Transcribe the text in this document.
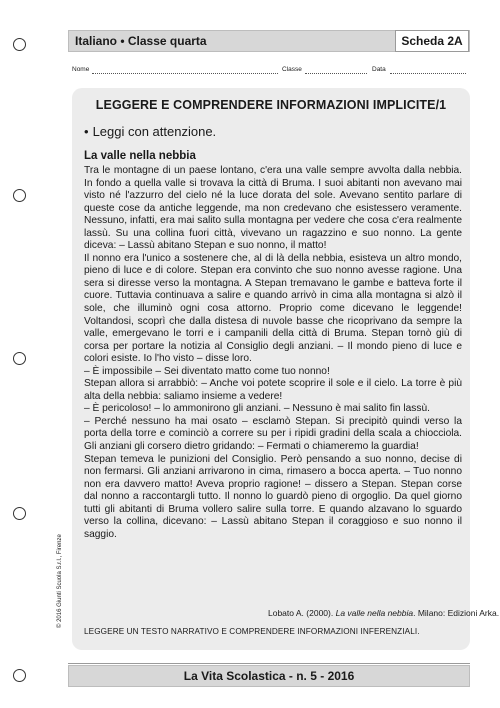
Italiano • Classe quarta	Scheda 2A
Nome	Classe	Data
LEGGERE E COMPRENDERE INFORMAZIONI IMPLICITE/1
• Leggi con attenzione.
La valle nella nebbia

Tra le montagne di un paese lontano, c'era una valle sempre avvolta dalla nebbia. In fondo a quella valle si trovava la città di Bruma. I suoi abitanti non avevano mai visto né l'azzurro del cielo né la luce dorata del sole. Avevano sentito parlare di queste cose da antiche leggende, ma non credevano che esistessero veramente. Nessuno, infatti, era mai salito sulla montagna per vedere che cosa c'era realmente lassù. Su una collina fuori città, vivevano un ragazzino e suo nonno. La gente diceva: – Lassù abitano Stepan e suo nonno, il matto!

Il nonno era l'unico a sostenere che, al di là della nebbia, esisteva un altro mondo, pieno di luce e di colore. Stepan era convinto che suo nonno avesse ragione. Una sera si diresse verso la montagna. A Stepan tremavano le gambe e batteva forte il cuore. Tuttavia continuava a salire e quando arrivò in cima alla montagna si alzò il sole, che illuminò ogni cosa attorno. Proprio come dicevano le leggende! Voltandosi, scoprì che dalla distesa di nuvole basse che ricoprivano da sempre la valle, emergevano le torri e i campanili della città di Bruma. Stepan tornò giù di corsa per portare la notizia al Consiglio degli anziani. – Il mondo pieno di luce e colori esiste. Io l'ho visto – disse loro.

– È impossibile – Sei diventato matto come tuo nonno!

Stepan allora si arrabbiò: – Anche voi potete scoprire il sole e il cielo. La torre è più alta della nebbia: saliamo insieme a vedere!

– È pericoloso! – lo ammonirono gli anziani. – Nessuno è mai salito fin lassù.

– Perché nessuno ha mai osato – esclamò Stepan. Si precipitò quindi verso la porta della torre e cominciò a correre su per i ripidi gradini della scala a chiocciola. Gli anziani gli corsero dietro gridando: – Fermati o chiameremo la guardia!

Stepan temeva le punizioni del Consiglio. Però pensando a suo nonno, decise di non fermarsi. Gli anziani arrivarono in cima, rimasero a bocca aperta. – Tuo nonno non era davvero matto! Aveva proprio ragione! – dissero a Stepan. Stepan corse dal nonno a raccontargli tutto. Il nonno lo guardò pieno di orgoglio. Da quel giorno tutti gli abitanti di Bruma vollero salire sulla torre. E quando alzavano lo sguardo verso la collina, dicevano: – Lassù abitano Stepan il coraggioso e suo nonno il saggio.

Lobato A. (2000). La valle nella nebbia. Milano: Edizioni Arka.
LEGGERE UN TESTO NARRATIVO E COMPRENDERE INFORMAZIONI INFERENZIALI.
© 2016 Giunti Scuola S.r.l., Firenze
La Vita Scolastica - n. 5 - 2016
